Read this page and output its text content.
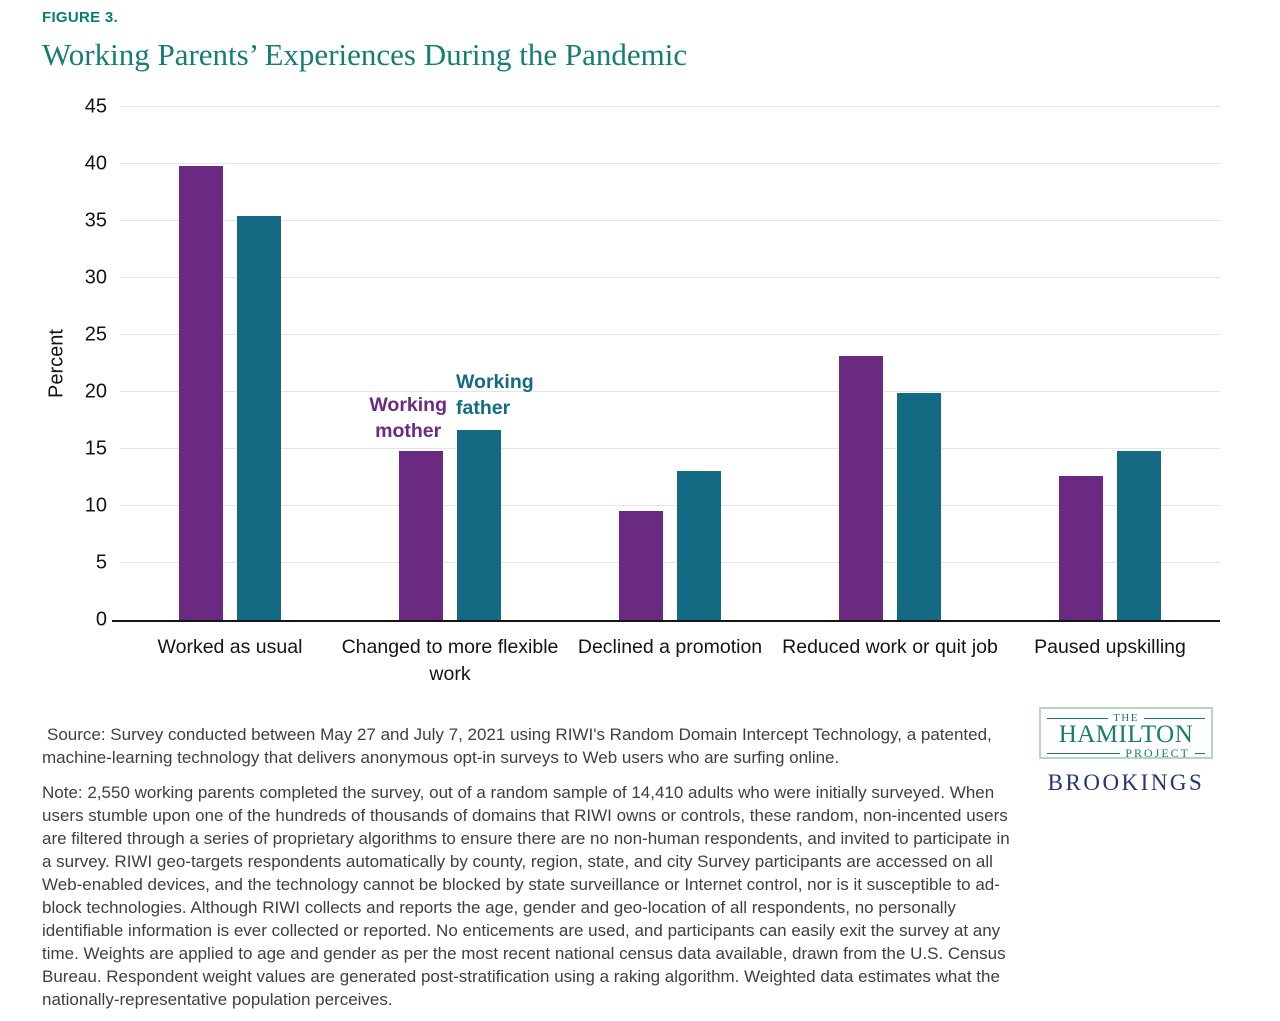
FIGURE 3.
Working Parents’ Experiences During the Pandemic
Percent
0
5
10
15
20
25
30
35
40
45
Worked as usual
Working
mother
Working
father
Changed to more flexible work
Declined a promotion	Reduced work or quit job	Paused upskilling

Source: Survey conducted between May 27 and July 7, 2021 using RIWI's Random Domain Intercept Technology, a patented, machine-learning technology that delivers anonymous opt-in surveys to Web users who are surfing online.

Note: 2,550 working parents completed the survey, out of a random sample of 14,410 adults who were initially surveyed. When users stumble upon one of the hundreds of thousands of domains that RIWI owns or controls, these random, non-incented users are filtered through a series of proprietary algorithms to ensure there are no non-human respondents, and invited to participate in a survey. RIWI geo-targets respondents automatically by county, region, state, and city Survey participants are accessed on all Web-enabled devices, and the technology cannot be blocked by state surveillance or Internet control, nor is it susceptible to ad-block technologies. Although RIWI collects and reports the age, gender and geo-location of all respondents, no personally identifiable information is ever collected or reported. No enticements are used, and participants can easily exit the survey at any time. Weights are applied to age and gender as per the most recent national census data available, drawn from the U.S. Census Bureau. Respondent weight values are generated post-stratification using a raking algorithm. Weighted data estimates what the nationally-representative population perceives.

THE
HAMILTON
PROJECT
BROOKINGS
